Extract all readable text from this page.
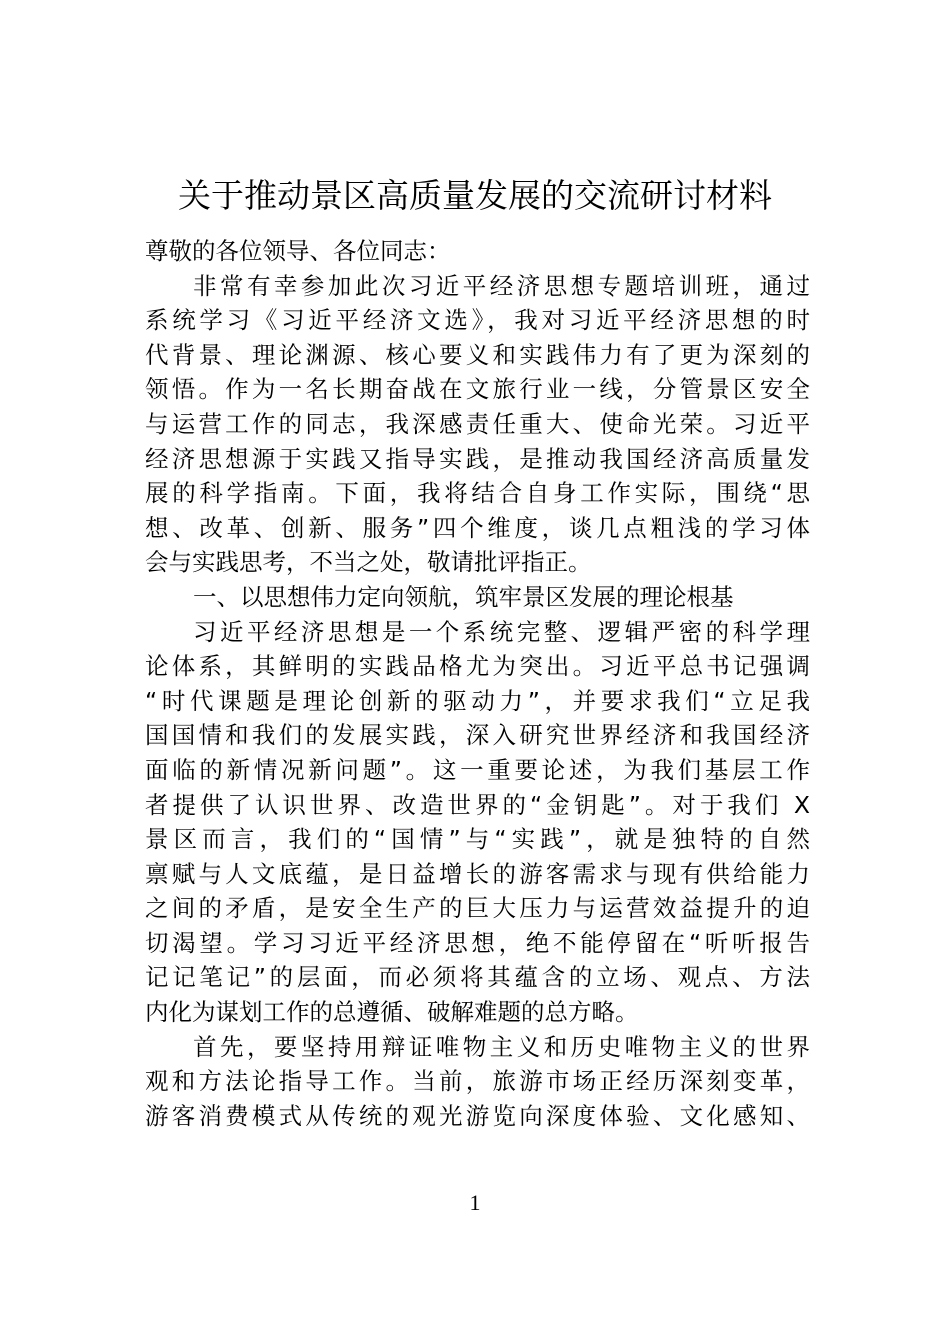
关于推动景区高质量发展的交流研讨材料
尊敬的各位领导、各位同志：
非常有幸参加此次习近平经济思想专题培训班，通过
系统学习《习近平经济文选》，我对习近平经济思想的时
代背景、理论渊源、核心要义和实践伟力有了更为深刻的
领悟。作为一名长期奋战在文旅行业一线，分管景区安全
与运营工作的同志，我深感责任重大、使命光荣。习近平
经济思想源于实践又指导实践，是推动我国经济高质量发
展的科学指南。下面，我将结合自身工作实际，围绕“思
想、改革、创新、服务”四个维度，谈几点粗浅的学习体
会与实践思考，不当之处，敬请批评指正。
一、以思想伟力定向领航，筑牢景区发展的理论根基
习近平经济思想是一个系统完整、逻辑严密的科学理
论体系，其鲜明的实践品格尤为突出。习近平总书记强调
“时代课题是理论创新的驱动力”，并要求我们“立足我
国国情和我们的发展实践，深入研究世界经济和我国经济
面临的新情况新问题”。这一重要论述，为我们基层工作
者提供了认识世界、改造世界的“金钥匙”。对于我们 X
景区而言，我们的“国情”与“实践”，就是独特的自然
禀赋与人文底蕴，是日益增长的游客需求与现有供给能力
之间的矛盾，是安全生产的巨大压力与运营效益提升的迫
切渴望。学习习近平经济思想，绝不能停留在“听听报告
记记笔记”的层面，而必须将其蕴含的立场、观点、方法
内化为谋划工作的总遵循、破解难题的总方略。
首先，要坚持用辩证唯物主义和历史唯物主义的世界
观和方法论指导工作。当前，旅游市场正经历深刻变革，
游客消费模式从传统的观光游览向深度体验、文化感知、
1
